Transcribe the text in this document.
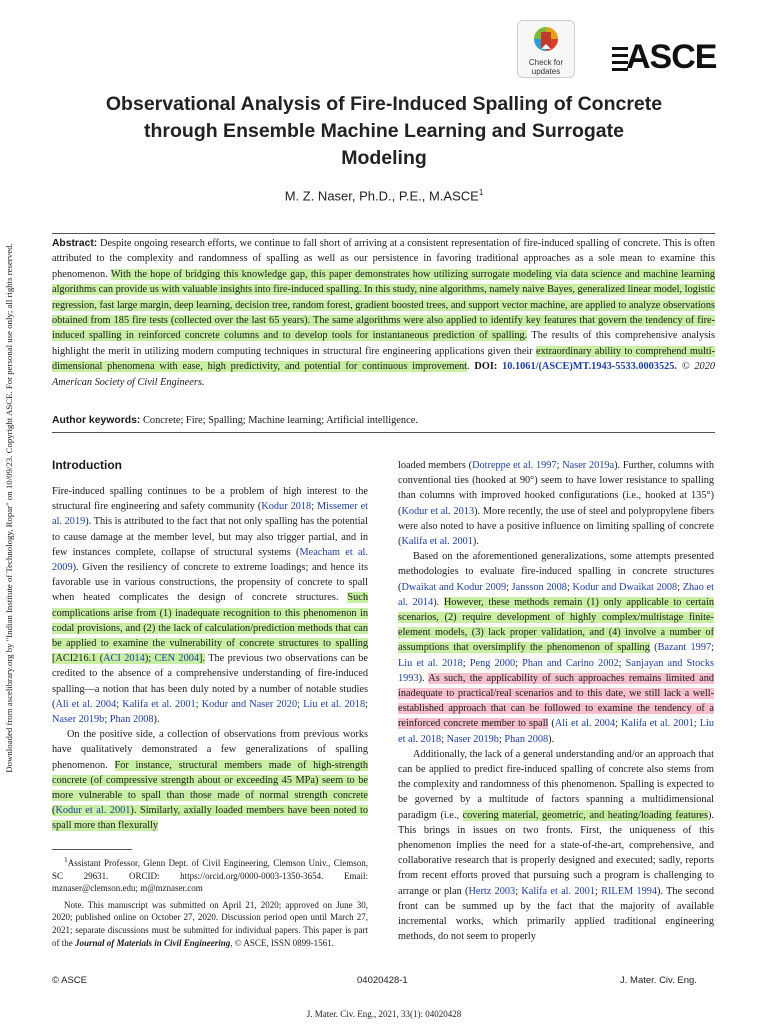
Downloaded from ascelibrary.org by "Indian Institute of Technology, Ropar" on 10/09/23. Copyright ASCE. For personal use only; all rights reserved.
Check for updates	ASCE
Observational Analysis of Fire-Induced Spalling of Concrete through Ensemble Machine Learning and Surrogate Modeling
M. Z. Naser, Ph.D., P.E., M.ASCE$^1$
Abstract: Despite ongoing research efforts, we continue to fall short of arriving at a consistent representation of fire-induced spalling of concrete. This is often attributed to the complexity and randomness of spalling as well as our persistence in favoring traditional approaches as a sole mean to examine this phenomenon. With the hope of bridging this knowledge gap, this paper demonstrates how utilizing surrogate modeling via data science and machine learning algorithms can provide us with valuable insights into fire-induced spalling. In this study, nine algorithms, namely naive Bayes, generalized linear model, logistic regression, fast large margin, deep learning, decision tree, random forest, gradient boosted trees, and support vector machine, are applied to analyze observations obtained from 185 fire tests (collected over the last 65 years). The same algorithms were also applied to identify key features that govern the tendency of fire-induced spalling in reinforced concrete columns and to develop tools for instantaneous prediction of spalling. The results of this comprehensive analysis highlight the merit in utilizing modern computing techniques in structural fire engineering applications given their extraordinary ability to comprehend multi-dimensional phenomena with ease, high predictivity, and potential for continuous improvement. DOI: 10.1061/(ASCE)MT.1943-5533.0003525. © 2020 American Society of Civil Engineers.
Author keywords: Concrete; Fire; Spalling; Machine learning; Artificial intelligence.
Introduction

Fire-induced spalling continues to be a problem of high interest to the structural fire engineering and safety community (Kodur 2018; Missemer et al. 2019). This is attributed to the fact that not only spalling has the potential to cause damage at the member level, but may also trigger partial, and in few instances complete, collapse of structural systems (Meacham et al. 2009). Given the resiliency of concrete to extreme loadings; and hence its favorable use in various constructions, the propensity of concrete to spall when heated complicates the design of concrete structures. Such complications arise from (1) inadequate recognition to this phenomenon in codal provisions, and (2) the lack of calculation/prediction methods that can be applied to examine the vulnerability of concrete structures to spalling [ACI216.1 (ACI 2014); CEN 2004]. The previous two observations can be credited to the absence of a comprehensive understanding of fire-induced spalling—a notion that has been duly noted by a number of notable studies (Ali et al. 2004; Kalifa et al. 2001; Kodur and Naser 2020; Liu et al. 2018; Naser 2019b; Phan 2008).

On the positive side, a collection of observations from previous works have qualitatively demonstrated a few generalizations of spalling phenomenon. For instance, structural members made of high-strength concrete (of compressive strength about or exceeding 45 MPa) seem to be more vulnerable to spall than those made of normal strength concrete (Kodur et al. 2001). Similarly, axially loaded members have been noted to spall more than flexurally

loaded members (Dotreppe et al. 1997; Naser 2019a). Further, columns with conventional ties (hooked at 90°) seem to have lower resistance to spalling than columns with improved hooked configurations (i.e., hooked at 135°) (Kodur et al. 2013). More recently, the use of steel and polypropylene fibers were also noted to have a positive influence on limiting spalling of concrete (Kalifa et al. 2001).

Based on the aforementioned generalizations, some attempts presented methodologies to evaluate fire-induced spalling in concrete structures (Dwaikat and Kodur 2009; Jansson 2008; Kodur and Dwaikat 2008; Zhao et al. 2014). However, these methods remain (1) only applicable to certain scenarios, (2) require development of highly complex/multistage finite-element models, (3) lack proper validation, and (4) involve a number of assumptions that oversimplify the phenomenon of spalling (Bazant 1997; Liu et al. 2018; Peng 2000; Phan and Carino 2002; Sanjayan and Stocks 1993). As such, the applicability of such approaches remains limited and inadequate to practical/real scenarios and to this date, we still lack a well-established approach that can be followed to examine the tendency of a reinforced concrete member to spall (Ali et al. 2004; Kalifa et al. 2001; Liu et al. 2018; Naser 2019b; Phan 2008).

Additionally, the lack of a general understanding and/or an approach that can be applied to predict fire-induced spalling of concrete also stems from the complexity and randomness of this phenomenon. Spalling is expected to be governed by a multitude of factors spanning a multidimensional paradigm (i.e., covering material, geometric, and heating/loading features). This brings in issues on two fronts. First, the uniqueness of this phenomenon implies the need for a state-of-the-art, comprehensive, and collaborative research that is properly designed and executed; sadly, reports from recent efforts proved that pursuing such a program is challenging to arrange or plan (Hertz 2003; Kalifa et al. 2001; RILEM 1994). The second front can be summed up by the fact that the majority of available incremental works, which primarily applied traditional engineering methods, do not seem to properly

$^1$Assistant Professor, Glenn Dept. of Civil Engineering, Clemson Univ., Clemson, SC 29631. ORCID: https://orcid.org/0000-0003-1350-3654. Email: mznaser@clemson.edu; m@mznaser.com

Note. This manuscript was submitted on April 21, 2020; approved on June 30, 2020; published online on October 27, 2020. Discussion period open until March 27, 2021; separate discussions must be submitted for individual papers. This paper is part of the Journal of Materials in Civil Engineering, © ASCE, ISSN 0899-1561.

© ASCE	04020428-1	J. Mater. Civ. Eng.
J. Mater. Civ. Eng., 2021, 33(1): 04020428
